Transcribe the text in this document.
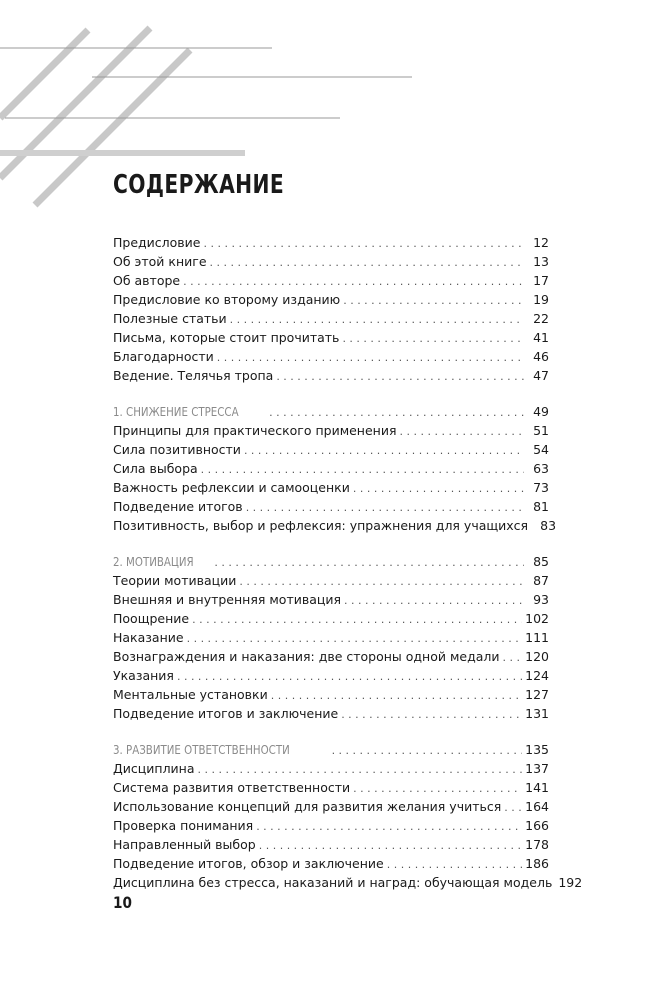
СОДЕРЖАНИЕ
Предисловие . . .	12
Об этой книге . . .	13
Об авторе . . .	17
Предисловие ко второму изданию . . .	19
Полезные статьи . . .	22
Письма, которые стоит прочитать . . .	41
Благодарности . . .	46
Ведение. Телячья тропа . . .	47
1. СНИЖЕНИЕ СТРЕССА . . .	49
Принципы для практического применения . . .	51
Сила позитивности . . .	54
Сила выбора . . .	63
Важность рефлексии и самооценки . . .	73
Подведение итогов . . .	81
Позитивность, выбор и рефлексия: упражнения для учащихся 83
2. МОТИВАЦИЯ . . .	85
Теории мотивации . . .	87
Внешняя и внутренняя мотивация . . .	93
Поощрение . . .	102
Наказание . . .	111
Вознаграждения и наказания: две стороны одной медали . . . 120
Указания . . .	124
Ментальные установки . . .	127
Подведение итогов и заключение . . .	131
3. РАЗВИТИЕ ОТВЕТСТВЕННОСТИ . . .	135
Дисциплина . . .	137
Система развития ответственности . . .	141
Использование концепций для развития желания учиться . . . 164
Проверка понимания . . .	166
Направленный выбор . . .	178
Подведение итогов, обзор и заключение . . .	186
Дисциплина без стресса, наказаний и наград: обучающая модель 192
10
